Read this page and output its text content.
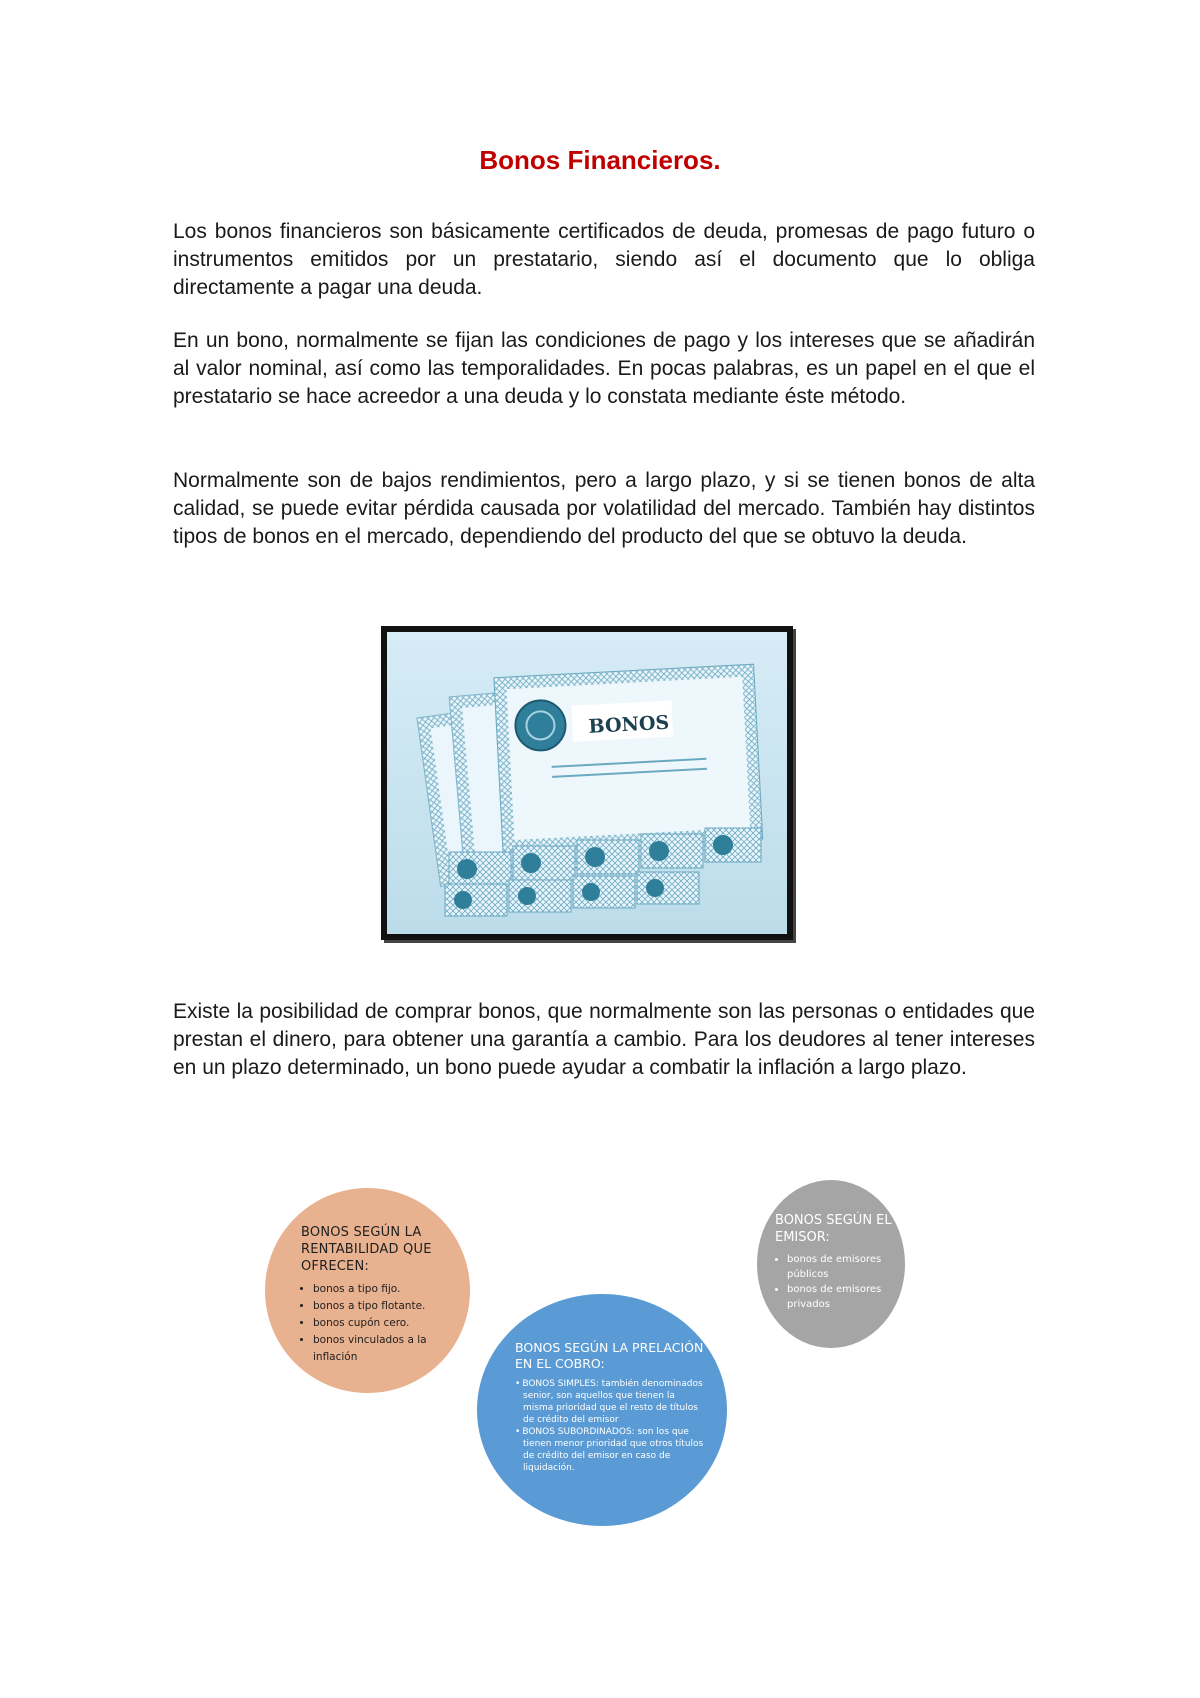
Bonos Financieros.

Los bonos financieros son básicamente certificados de deuda, promesas de pago futuro o instrumentos emitidos por un prestatario, siendo así el documento que lo obliga directamente a pagar una deuda.

En un bono, normalmente se fijan las condiciones de pago y los intereses que se añadirán al valor nominal, así como las temporalidades. En pocas palabras, es un papel en el que el prestatario se hace acreedor a una deuda y lo constata mediante éste método.

Normalmente son de bajos rendimientos, pero a largo plazo, y si se tienen bonos de alta calidad, se puede evitar pérdida causada por volatilidad del mercado. También hay distintos tipos de bonos en el mercado, dependiendo del producto del que se obtuvo la deuda.

BONOS

Existe la posibilidad de comprar bonos, que normalmente son las personas o entidades que prestan el dinero, para obtener una garantía a cambio. Para los deudores al tener intereses en un plazo determinado, un bono puede ayudar a combatir la inflación a largo plazo.

BONOS SEGÚN LA RENTABILIDAD QUE OFRECEN:
• bonos a tipo fijo.
• bonos a tipo flotante.
• bonos cupón cero.
• bonos vinculados a la inflación
BONOS SEGÚN LA PRELACIÓN EN EL COBRO:
• BONOS SIMPLES: también denominados senior, son aquellos que tienen la misma prioridad que el resto de títulos de crédito del emisor
• BONOS SUBORDINADOS: son los que tienen menor prioridad que otros títulos de crédito del emisor en caso de liquidación.
BONOS SEGÚN EL EMISOR:
• bonos de emisores públicos
• bonos de emisores privados
